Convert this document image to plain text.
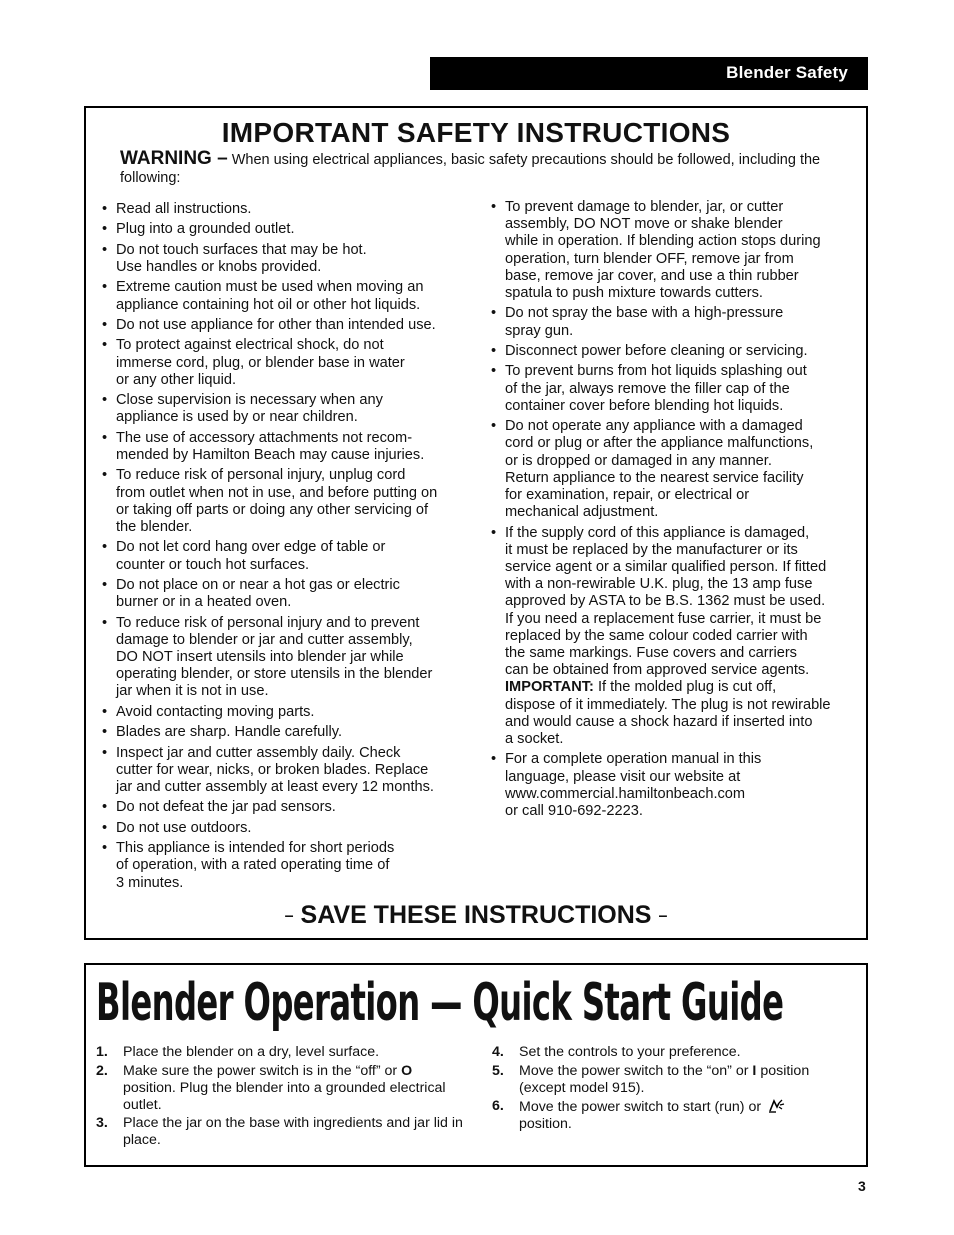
Blender Safety
IMPORTANT SAFETY INSTRUCTIONS
WARNING – When using electrical appliances, basic safety precautions should be followed, including the following:
• Read all instructions.
• Plug into a grounded outlet.
• Do not touch surfaces that may be hot.
Use handles or knobs provided.
• Extreme caution must be used when moving an
appliance containing hot oil or other hot liquids.
• Do not use appliance for other than intended use.
• To protect against electrical shock, do not
immerse cord, plug, or blender base in water
or any other liquid.
• Close supervision is necessary when any
appliance is used by or near children.
• The use of accessory attachments not recom-
mended by Hamilton Beach may cause injuries.
• To reduce risk of personal injury, unplug cord
from outlet when not in use, and before putting on
or taking off parts or doing any other servicing of
the blender.
• Do not let cord hang over edge of table or
counter or touch hot surfaces.
• Do not place on or near a hot gas or electric
burner or in a heated oven.
• To reduce risk of personal injury and to prevent
damage to blender or jar and cutter assembly,
DO NOT insert utensils into blender jar while
operating blender, or store utensils in the blender
jar when it is not in use.
• Avoid contacting moving parts.
• Blades are sharp. Handle carefully.
• Inspect jar and cutter assembly daily. Check
cutter for wear, nicks, or broken blades. Replace
jar and cutter assembly at least every 12 months.
• Do not defeat the jar pad sensors.
• Do not use outdoors.
• This appliance is intended for short periods
of operation, with a rated operating time of
3 minutes.
• To prevent damage to blender, jar, or cutter
assembly, DO NOT move or shake blender
while in operation. If blending action stops during
operation, turn blender OFF, remove jar from
base, remove jar cover, and use a thin rubber
spatula to push mixture towards cutters.
• Do not spray the base with a high-pressure
spray gun.
• Disconnect power before cleaning or servicing.
• To prevent burns from hot liquids splashing out
of the jar, always remove the filler cap of the
container cover before blending hot liquids.
• Do not operate any appliance with a damaged
cord or plug or after the appliance malfunctions,
or is dropped or damaged in any manner.
Return appliance to the nearest service facility
for examination, repair, or electrical or
mechanical adjustment.
• If the supply cord of this appliance is damaged,
it must be replaced by the manufacturer or its
service agent or a similar qualified person. If fitted
with a non-rewirable U.K. plug, the 13 amp fuse
approved by ASTA to be B.S. 1362 must be used.
If you need a replacement fuse carrier, it must be
replaced by the same colour coded carrier with
the same markings. Fuse covers and carriers
can be obtained from approved service agents.
IMPORTANT: If the molded plug is cut off,
dispose of it immediately. The plug is not rewirable
and would cause a shock hazard if inserted into
a socket.
• For a complete operation manual in this
language, please visit our website at
www.commercial.hamiltonbeach.com
or call 910-692-2223.
– SAVE THESE INSTRUCTIONS –
Blender Operation — Quick Start Guide
1. Place the blender on a dry, level surface.
2. Make sure the power switch is in the “off” or O position. Plug the blender into a grounded electrical outlet.
3. Place the jar on the base with ingredients and jar lid in place.
4. Set the controls to your preference.
5. Move the power switch to the “on” or I position (except model 915).
6. Move the power switch to start (run) or
position.
3
